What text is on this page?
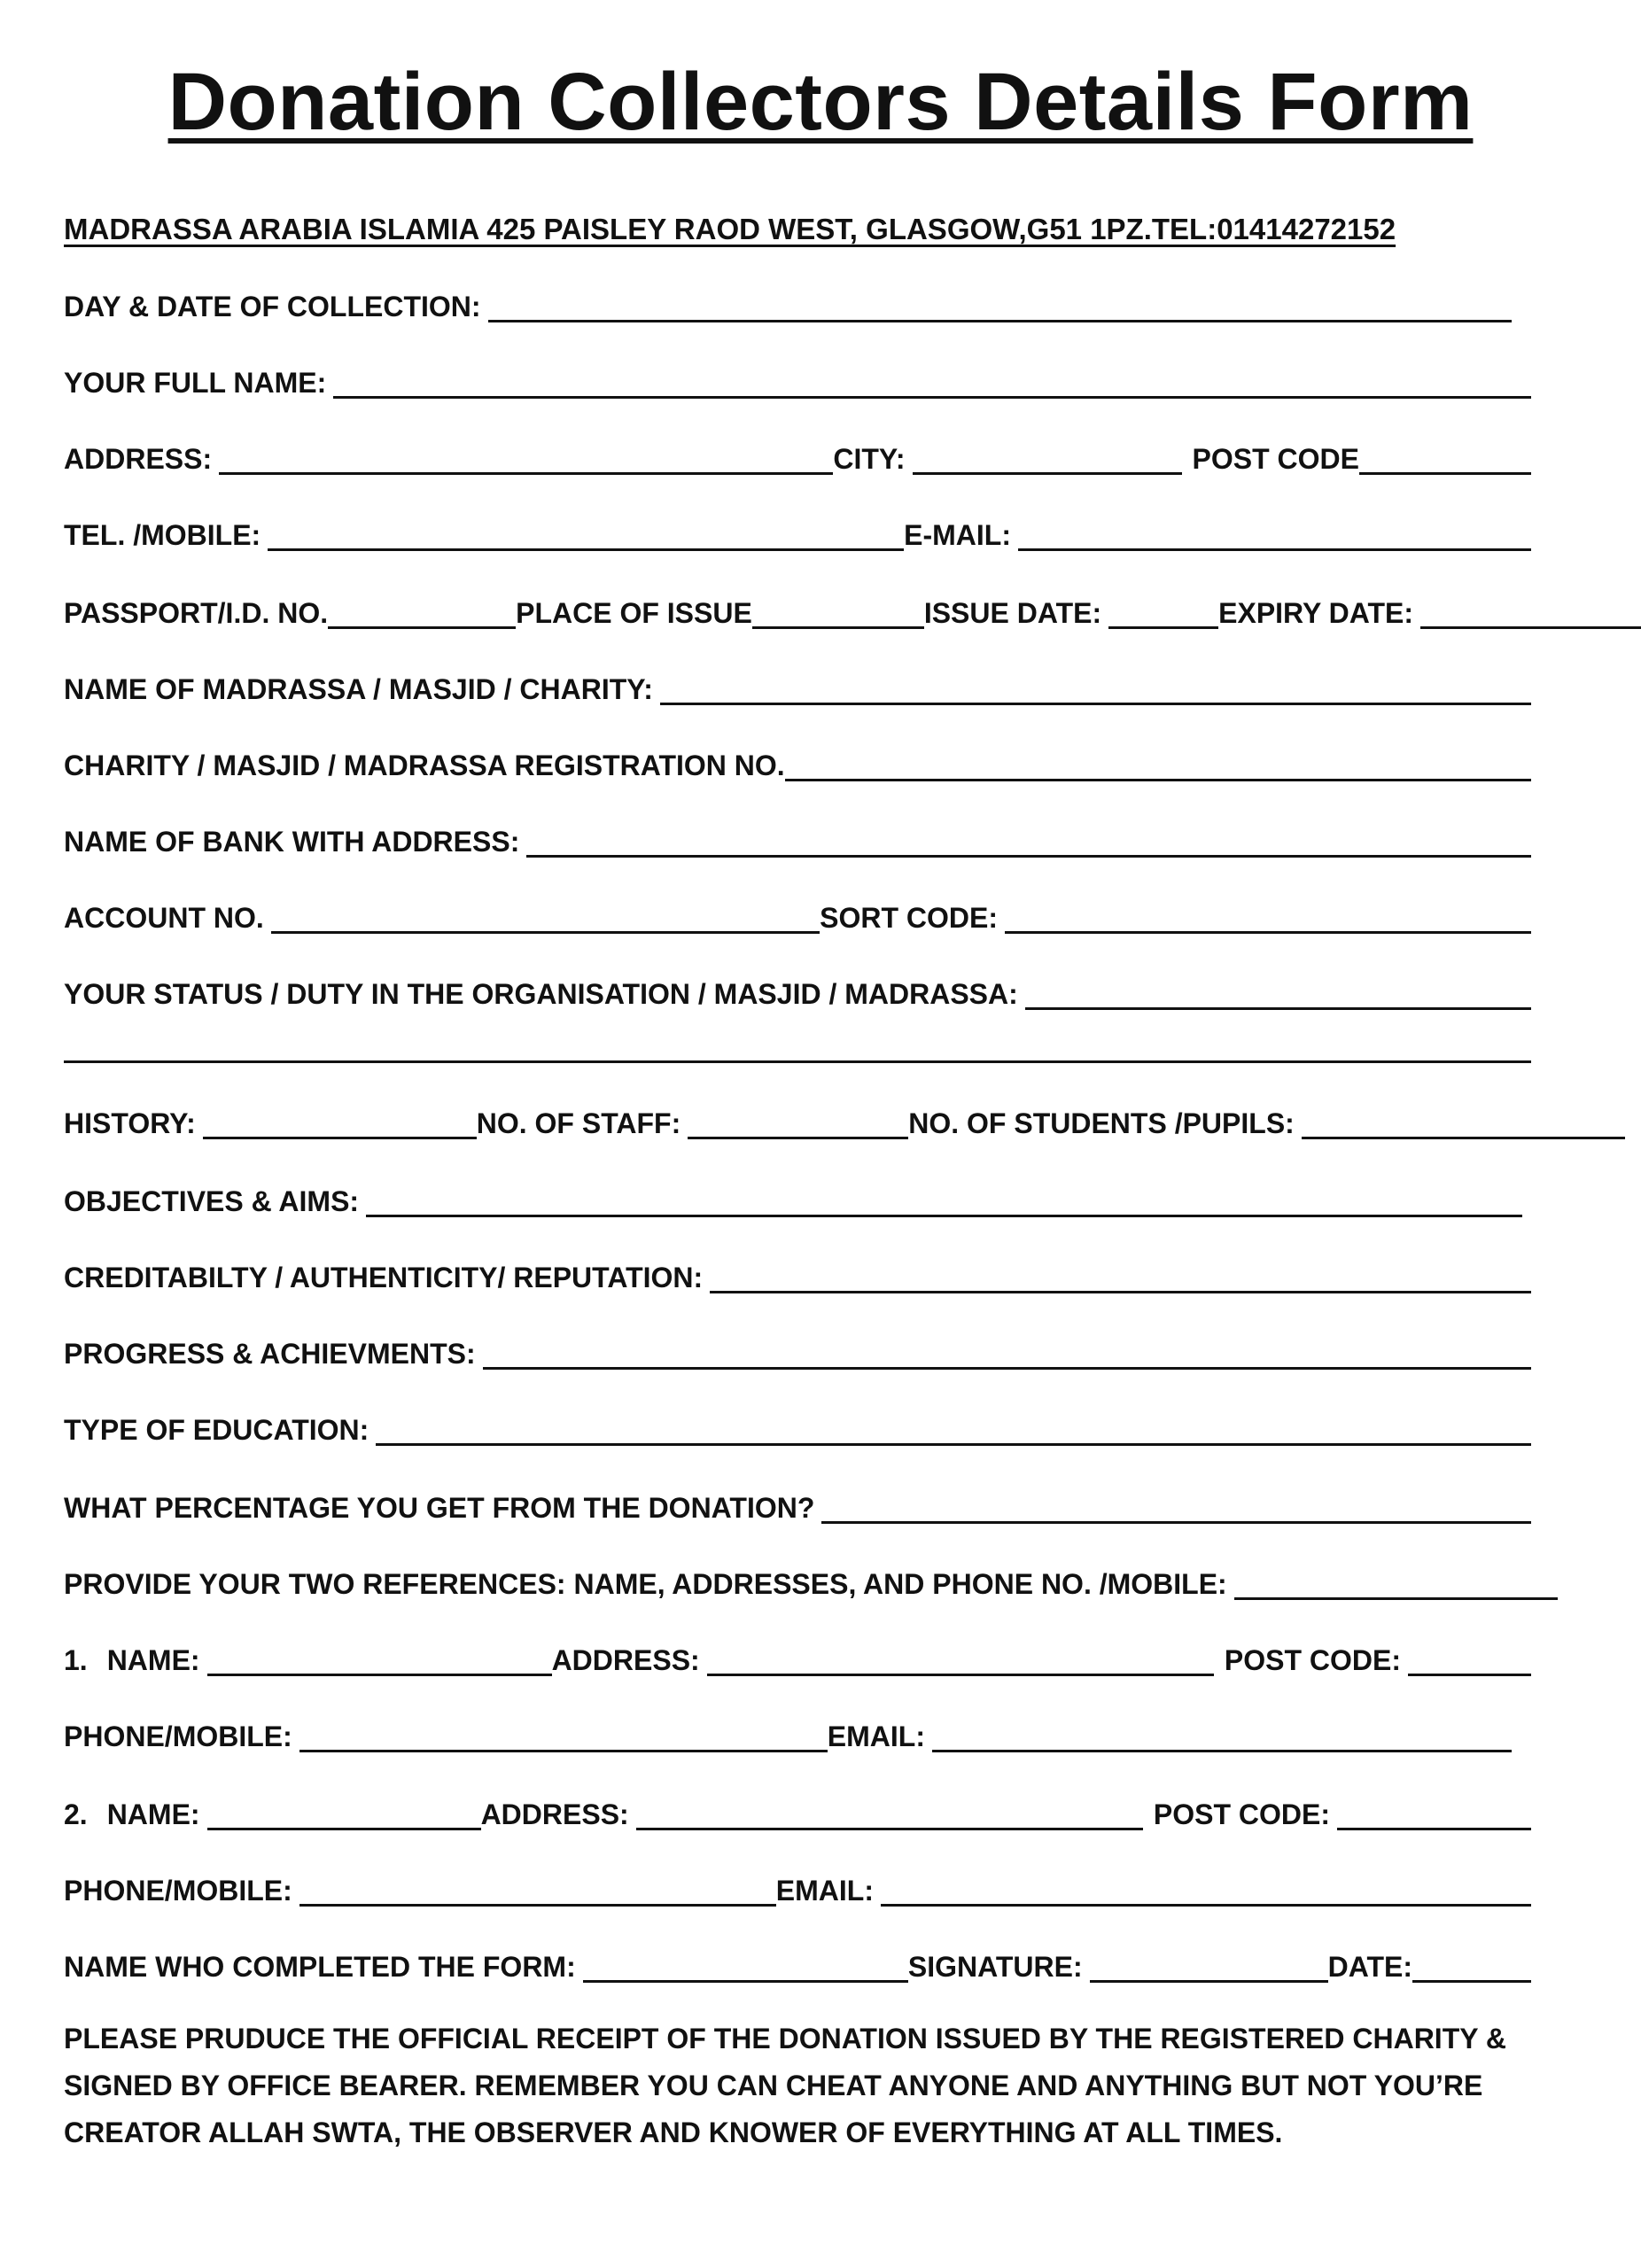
Donation Collectors Details Form
MADRASSA ARABIA ISLAMIA 425 PAISLEY RAOD WEST, GLASGOW,G51 1PZ.TEL:01414272152
DAY & DATE OF COLLECTION:
YOUR FULL NAME:
ADDRESS:	CITY:	POST CODE
TEL. /MOBILE:	E-MAIL:
PASSPORT/I.D. NO.	PLACE OF ISSUE	ISSUE DATE:	EXPIRY DATE:
NAME OF MADRASSA / MASJID / CHARITY:
CHARITY / MASJID / MADRASSA REGISTRATION NO.
NAME OF BANK WITH ADDRESS:
ACCOUNT NO.	SORT CODE:
YOUR STATUS / DUTY IN THE ORGANISATION / MASJID / MADRASSA:
HISTORY:	NO. OF STAFF:	NO. OF STUDENTS /PUPILS:
OBJECTIVES & AIMS:
CREDITABILTY / AUTHENTICITY/ REPUTATION:
PROGRESS & ACHIEVMENTS:
TYPE OF EDUCATION:
WHAT PERCENTAGE YOU GET FROM THE DONATION?
PROVIDE YOUR TWO REFERENCES: NAME, ADDRESSES, AND PHONE NO. /MOBILE:
1. NAME:	ADDRESS:	POST CODE:
PHONE/MOBILE:	EMAIL:
2. NAME:	ADDRESS:	POST CODE:
PHONE/MOBILE:	EMAIL:
NAME WHO COMPLETED THE FORM:	SIGNATURE:	DATE:
PLEASE PRUDUCE THE OFFICIAL RECEIPT OF THE DONATION ISSUED BY THE REGISTERED CHARITY & SIGNED BY OFFICE BEARER. REMEMBER YOU CAN CHEAT ANYONE AND ANYTHING BUT NOT YOU’RE CREATOR ALLAH SWTA, THE OBSERVER AND KNOWER OF EVERYTHING AT ALL TIMES.
